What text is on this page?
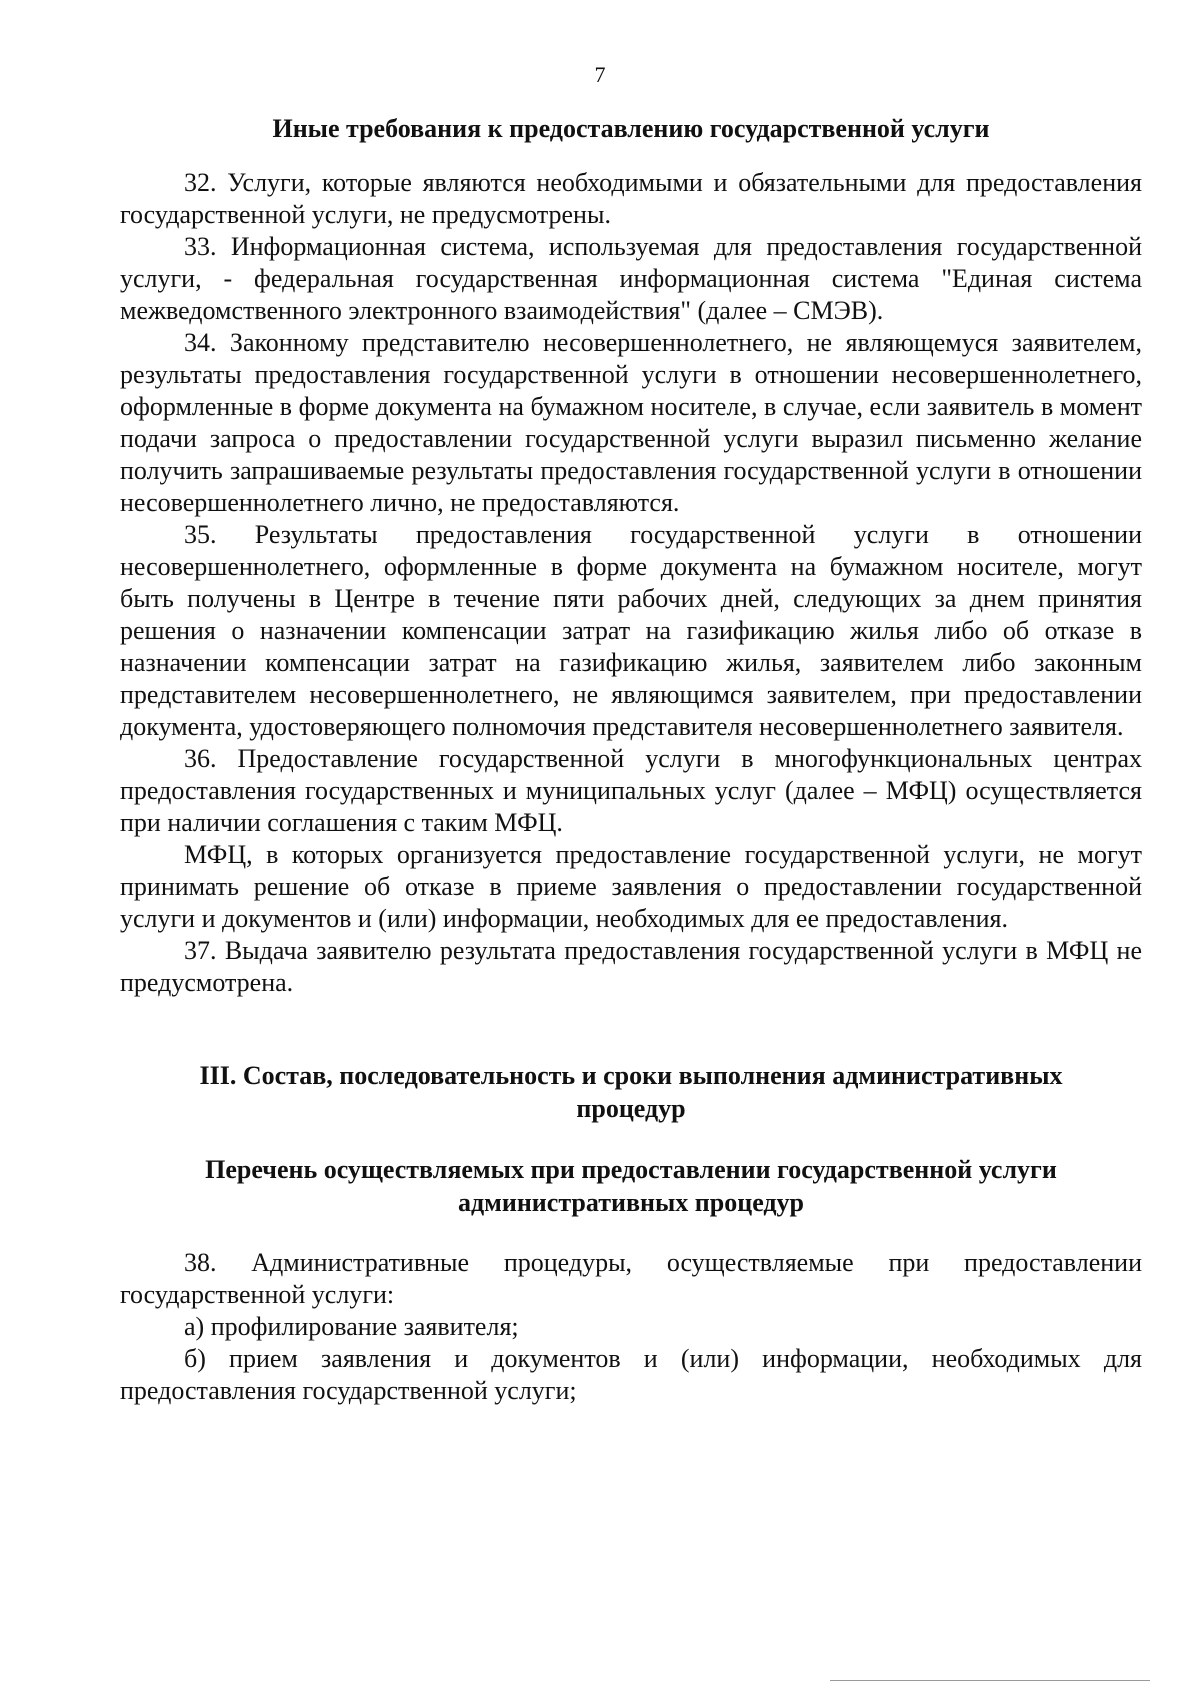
7
Иные требования к предоставлению государственной услуги

32. Услуги, которые являются необходимыми и обязательными для предоставления государственной услуги, не предусмотрены.

33. Информационная система, используемая для предоставления государственной услуги, - федеральная государственная информационная система "Единая система межведомственного электронного взаимодействия" (далее – СМЭВ).

34. Законному представителю несовершеннолетнего, не являющемуся заявителем, результаты предоставления государственной услуги в отношении несовершеннолетнего, оформленные в форме документа на бумажном носителе, в случае, если заявитель в момент подачи запроса о предоставлении государственной услуги выразил письменно желание получить запрашиваемые результаты предоставления государственной услуги в отношении несовершеннолетнего лично, не предоставляются.

35. Результаты предоставления государственной услуги в отношении несовершеннолетнего, оформленные в форме документа на бумажном носителе, могут быть получены в Центре в течение пяти рабочих дней, следующих за днем принятия решения о назначении компенсации затрат на газификацию жилья либо об отказе в назначении компенсации затрат на газификацию жилья, заявителем либо законным представителем несовершеннолетнего, не являющимся заявителем, при предоставлении документа, удостоверяющего полномочия представителя несовершеннолетнего заявителя.

36. Предоставление государственной услуги в многофункциональных центрах предоставления государственных и муниципальных услуг (далее – МФЦ) осуществляется при наличии соглашения с таким МФЦ.

МФЦ, в которых организуется предоставление государственной услуги, не могут принимать решение об отказе в приеме заявления о предоставлении государственной услуги и документов и (или) информации, необходимых для ее предоставления.

37. Выдача заявителю результата предоставления государственной услуги в МФЦ не предусмотрена.

III. Состав, последовательность и сроки выполнения административных
процедур
Перечень осуществляемых при предоставлении государственной услуги
административных процедур

38. Административные процедуры, осуществляемые при предоставлении государственной услуги:

а) профилирование заявителя;

б) прием заявления и документов и (или) информации, необходимых для предоставления государственной услуги;
